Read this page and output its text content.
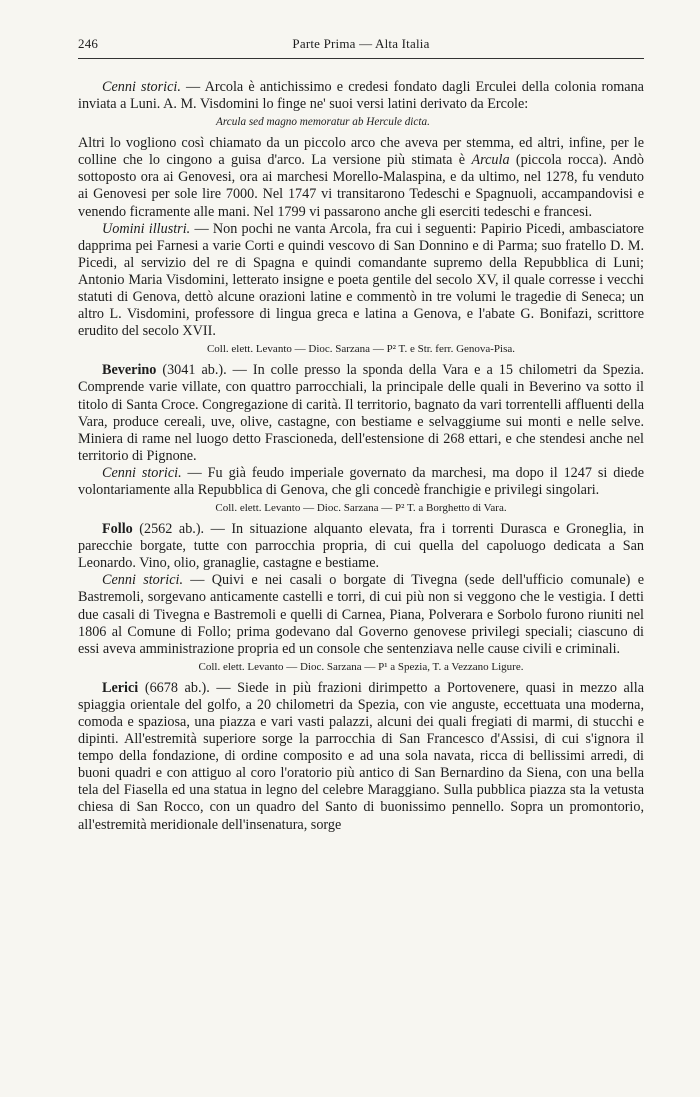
246	Parte Prima — Alta Italia

Cenni storici. — Arcola è antichissimo e credesi fondato dagli Erculei della colonia romana inviata a Luni. A. M. Visdomini lo finge ne' suoi versi latini derivato da Ercole:

Arcula sed magno memoratur ab Hercule dicta.

Altri lo vogliono così chiamato da un piccolo arco che aveva per stemma, ed altri, infine, per le colline che lo cingono a guisa d'arco. La versione più stimata è Arcula (piccola rocca). Andò sottoposto ora ai Genovesi, ora ai marchesi Morello-Malaspina, e da ultimo, nel 1278, fu venduto ai Genovesi per sole lire 7000. Nel 1747 vi transitarono Tedeschi e Spagnuoli, accampandovisi e venendo ficramente alle mani. Nel 1799 vi passarono anche gli eserciti tedeschi e francesi.

Uomini illustri. — Non pochi ne vanta Arcola, fra cui i seguenti: Papirio Picedi, ambasciatore dapprima pei Farnesi a varie Corti e quindi vescovo di San Donnino e di Parma; suo fratello D. M. Picedi, al servizio del re di Spagna e quindi comandante supremo della Repubblica di Luni; Antonio Maria Visdomini, letterato insigne e poeta gentile del secolo XV, il quale corresse i vecchi statuti di Genova, dettò alcune orazioni latine e commentò in tre volumi le tragedie di Seneca; un altro L. Visdomini, professore di lingua greca e latina a Genova, e l'abate G. Bonifazi, scrittore erudito del secolo XVII.

Coll. elett. Levanto — Dioc. Sarzana — P² T. e Str. ferr. Genova-Pisa.

Beverino (3041 ab.). — In colle presso la sponda della Vara e a 15 chilometri da Spezia. Comprende varie villate, con quattro parrocchiali, la principale delle quali in Beverino va sotto il titolo di Santa Croce. Congregazione di carità. Il territorio, bagnato da vari torrentelli affluenti della Vara, produce cereali, uve, olive, castagne, con bestiame e selvaggiume sui monti e nelle selve. Miniera di rame nel luogo detto Frascioneda, dell'estensione di 268 ettari, e che stendesi anche nel territorio di Pignone.

Cenni storici. — Fu già feudo imperiale governato da marchesi, ma dopo il 1247 si diede volontariamente alla Repubblica di Genova, che gli concedè franchigie e privilegi singolari.

Coll. elett. Levanto — Dioc. Sarzana — P² T. a Borghetto di Vara.

Follo (2562 ab.). — In situazione alquanto elevata, fra i torrenti Durasca e Groneglia, in parecchie borgate, tutte con parrocchia propria, di cui quella del capoluogo dedicata a San Leonardo. Vino, olio, granaglie, castagne e bestiame.

Cenni storici. — Quivi e nei casali o borgate di Tivegna (sede dell'ufficio comunale) e Bastremoli, sorgevano anticamente castelli e torri, di cui più non si veggono che le vestigia. I detti due casali di Tivegna e Bastremoli e quelli di Carnea, Piana, Polverara e Sorbolo furono riuniti nel 1806 al Comune di Follo; prima godevano dal Governo genovese privilegi speciali; ciascuno di essi aveva amministrazione propria ed un console che sentenziava nelle cause civili e criminali.

Coll. elett. Levanto — Dioc. Sarzana — P¹ a Spezia, T. a Vezzano Ligure.

Lerici (6678 ab.). — Siede in più frazioni dirimpetto a Portovenere, quasi in mezzo alla spiaggia orientale del golfo, a 20 chilometri da Spezia, con vie anguste, eccettuata una moderna, comoda e spaziosa, una piazza e vari vasti palazzi, alcuni dei quali fregiati di marmi, di stucchi e dipinti. All'estremità superiore sorge la parrocchia di San Francesco d'Assisi, di cui s'ignora il tempo della fondazione, di ordine composito e ad una sola navata, ricca di bellissimi arredi, di buoni quadri e con attiguo al coro l'oratorio più antico di San Bernardino da Siena, con una bella tela del Fiasella ed una statua in legno del celebre Maraggiano. Sulla pubblica piazza sta la vetusta chiesa di San Rocco, con un quadro del Santo di buonissimo pennello. Sopra un promontorio, all'estremità meridionale dell'insenatura, sorge
